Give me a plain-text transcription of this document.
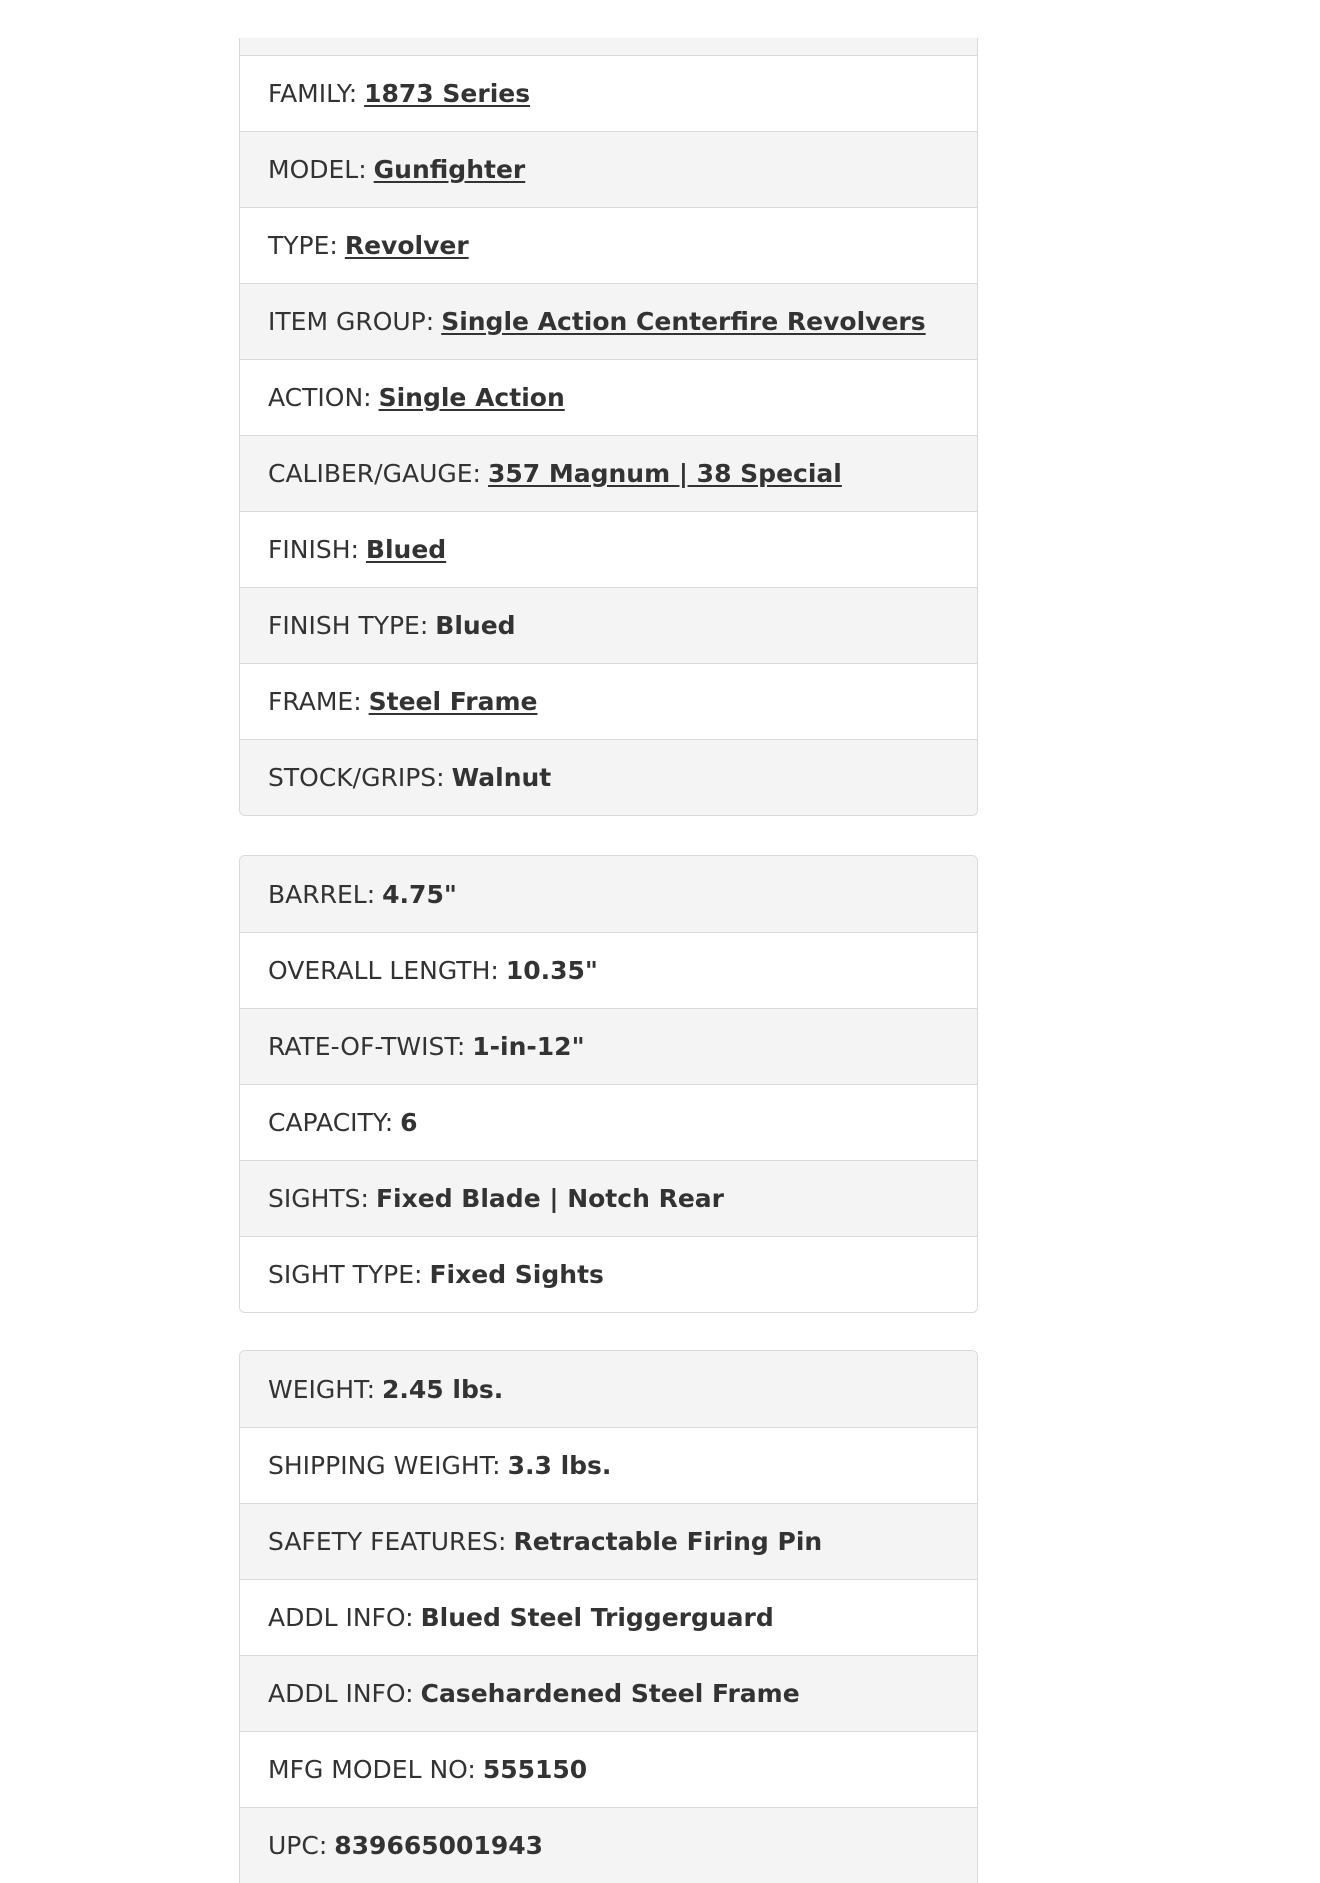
FAMILY: 1873 Series
MODEL: Gunfighter
TYPE: Revolver
ITEM GROUP: Single Action Centerfire Revolvers
ACTION: Single Action
CALIBER/GAUGE: 357 Magnum | 38 Special
FINISH: Blued
FINISH TYPE: Blued
FRAME: Steel Frame
STOCK/GRIPS: Walnut
BARREL: 4.75"
OVERALL LENGTH: 10.35"
RATE-OF-TWIST: 1-in-12"
CAPACITY: 6
SIGHTS: Fixed Blade | Notch Rear
SIGHT TYPE: Fixed Sights
WEIGHT: 2.45 lbs.
SHIPPING WEIGHT: 3.3 lbs.
SAFETY FEATURES: Retractable Firing Pin
ADDL INFO: Blued Steel Triggerguard
ADDL INFO: Casehardened Steel Frame
MFG MODEL NO: 555150
UPC: 839665001943
